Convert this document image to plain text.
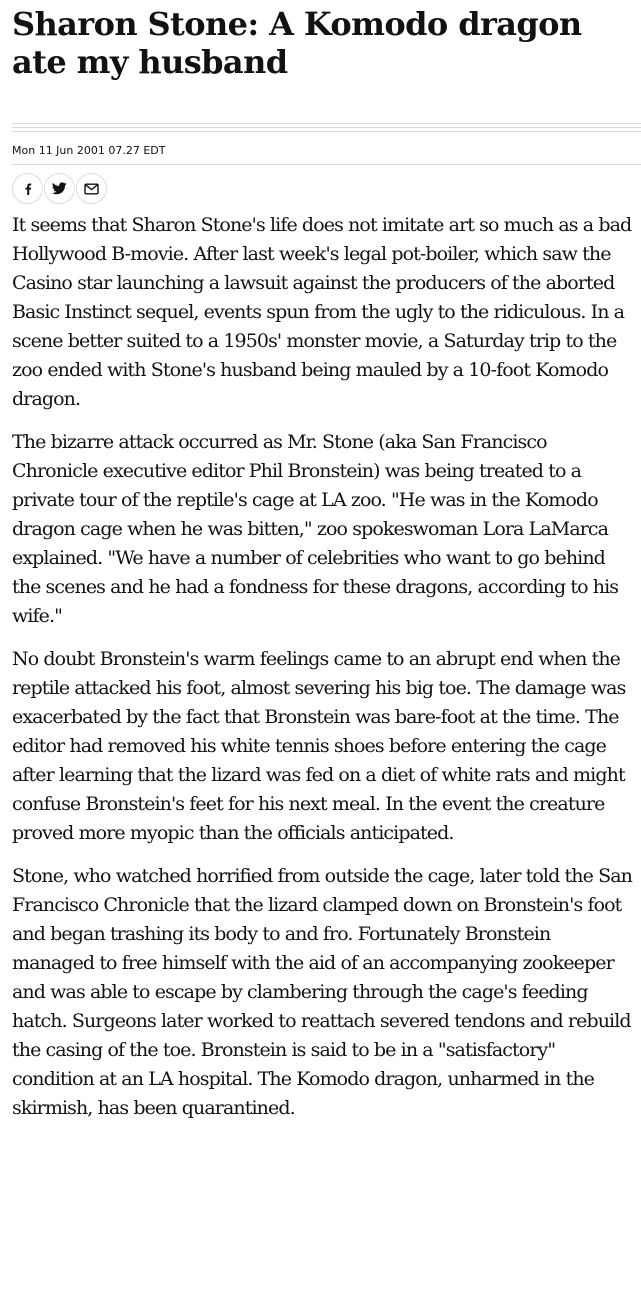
Sharon Stone: A Komodo dragon ate my husband
Mon 11 Jun 2001 07.27 EDT

It seems that Sharon Stone's life does not imitate art so much as a bad Hollywood B-movie. After last week's legal pot-boiler, which saw the Casino star launching a lawsuit against the producers of the aborted Basic Instinct sequel, events spun from the ugly to the ridiculous. In a scene better suited to a 1950s' monster movie, a Saturday trip to the zoo ended with Stone's husband being mauled by a 10-foot Komodo dragon.

The bizarre attack occurred as Mr. Stone (aka San Francisco Chronicle executive editor Phil Bronstein) was being treated to a private tour of the reptile's cage at LA zoo. "He was in the Komodo dragon cage when he was bitten," zoo spokeswoman Lora LaMarca explained. "We have a number of celebrities who want to go behind the scenes and he had a fondness for these dragons, according to his wife."

No doubt Bronstein's warm feelings came to an abrupt end when the reptile attacked his foot, almost severing his big toe. The damage was exacerbated by the fact that Bronstein was bare-foot at the time. The editor had removed his white tennis shoes before entering the cage after learning that the lizard was fed on a diet of white rats and might confuse Bronstein's feet for his next meal. In the event the creature proved more myopic than the officials anticipated.

Stone, who watched horrified from outside the cage, later told the San Francisco Chronicle that the lizard clamped down on Bronstein's foot and began trashing its body to and fro. Fortunately Bronstein managed to free himself with the aid of an accompanying zookeeper and was able to escape by clambering through the cage's feeding hatch. Surgeons later worked to reattach severed tendons and rebuild the casing of the toe. Bronstein is said to be in a "satisfactory" condition at an LA hospital. The Komodo dragon, unharmed in the skirmish, has been quarantined.
